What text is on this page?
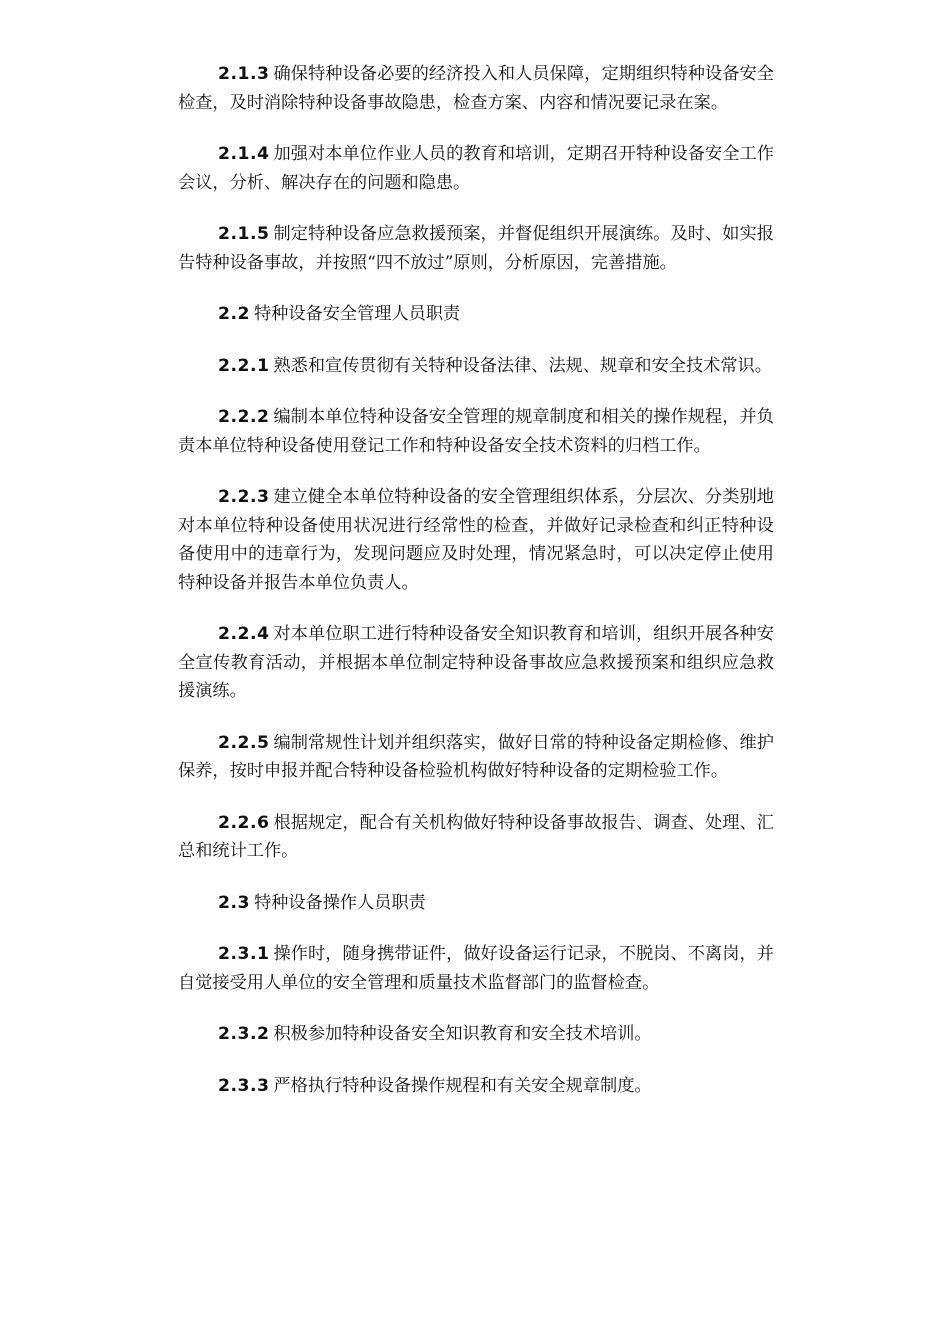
2.1.3 确保特种设备必要的经济投入和人员保障，定期组织特种设备安全检查，及时消除特种设备事故隐患，检查方案、内容和情况要记录在案。

2.1.4 加强对本单位作业人员的教育和培训，定期召开特种设备安全工作会议，分析、解决存在的问题和隐患。

2.1.5 制定特种设备应急救援预案，并督促组织开展演练。及时、如实报告特种设备事故，并按照“四不放过”原则，分析原因，完善措施。

2.2 特种设备安全管理人员职责

2.2.1 熟悉和宣传贯彻有关特种设备法律、法规、规章和安全技术常识。

2.2.2 编制本单位特种设备安全管理的规章制度和相关的操作规程，并负责本单位特种设备使用登记工作和特种设备安全技术资料的归档工作。

2.2.3 建立健全本单位特种设备的安全管理组织体系，分层次、分类别地对本单位特种设备使用状况进行经常性的检查，并做好记录检查和纠正特种设备使用中的违章行为，发现问题应及时处理，情况紧急时，可以决定停止使用特种设备并报告本单位负责人。

2.2.4 对本单位职工进行特种设备安全知识教育和培训，组织开展各种安全宣传教育活动，并根据本单位制定特种设备事故应急救援预案和组织应急救援演练。

2.2.5 编制常规性计划并组织落实，做好日常的特种设备定期检修、维护保养，按时申报并配合特种设备检验机构做好特种设备的定期检验工作。

2.2.6 根据规定，配合有关机构做好特种设备事故报告、调查、处理、汇总和统计工作。

2.3 特种设备操作人员职责

2.3.1 操作时，随身携带证件，做好设备运行记录，不脱岗、不离岗，并自觉接受用人单位的安全管理和质量技术监督部门的监督检查。

2.3.2 积极参加特种设备安全知识教育和安全技术培训。

2.3.3 严格执行特种设备操作规程和有关安全规章制度。
